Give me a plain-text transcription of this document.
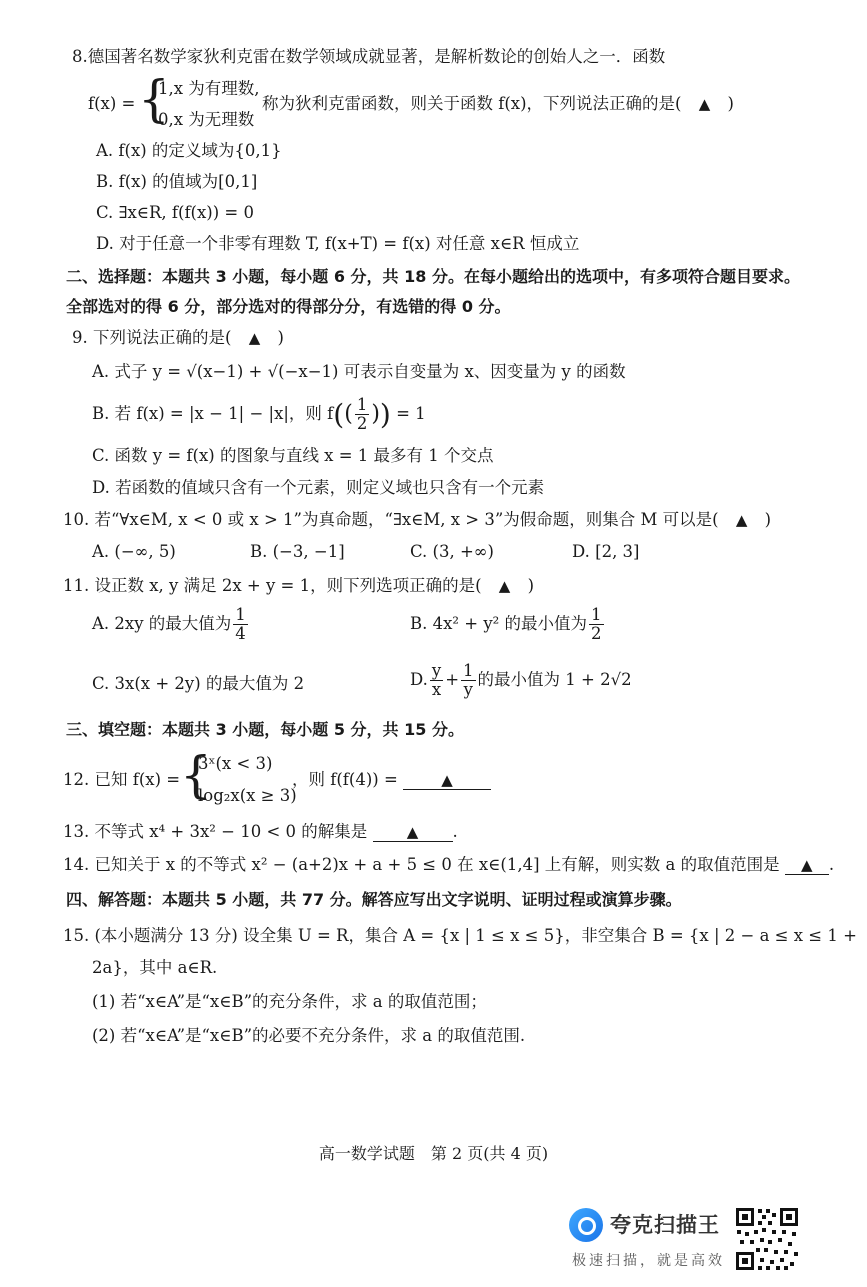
8.德国著名数学家狄利克雷在数学领域成就显著，是解析数论的创始人之一．函数
f(x) = {
1,x 为有理数,
0,x 为无理数
称为狄利克雷函数，则关于函数 f(x)，下列说法正确的是( ▲ )
A. f(x) 的定义域为{0,1}
B. f(x) 的值域为[0,1]
C. ∃x∈R, f(f(x)) = 0
D. 对于任意一个非零有理数 T, f(x+T) = f(x) 对任意 x∈R 恒成立
二、选择题：本题共 3 小题，每小题 6 分，共 18 分。在每小题给出的选项中，有多项符合题目要求。
全部选对的得 6 分，部分选对的得部分分，有选错的得 0 分。
9. 下列说法正确的是( ▲ )
A. 式子 y = √(x−1) + √(−x−1) 可表示自变量为 x、因变量为 y 的函数
B. 若 f(x) = |x − 1| − |x|，则 $f(( \frac{1}{2}$ )) = 1
C. 函数 y = f(x) 的图象与直线 x = 1 最多有 1 个交点
D. 若函数的值域只含有一个元素，则定义域也只含有一个元素
10. 若“∀x∈M, x < 0 或 x > 1”为真命题，“∃x∈M, x > 3”为假命题，则集合 M 可以是( ▲ )
A. (−∞, 5)	B. (−3, −1]	C. (3, +∞)	D. [2, 3]
11. 设正数 x, y 满足 2x + y = 1，则下列选项正确的是( ▲ )
A. 2xy 的最大值为 $\frac{1}{4}$	B. 4x² + y² 的最小值为 $\frac{1}{2}$
C. 3x(x + 2y) 的最大值为 2	D. $\frac{y}{x} + \frac{1}{y}$ 的最小值为 1 + 2√2
三、填空题：本题共 3 小题，每小题 5 分，共 15 分。
12. 已知 f(x) = {
3ˣ(x < 3)
log₂x(x ≥ 3)
，则 f(f(4)) =	▲
13. 不等式 x⁴ + 3x² − 10 < 0 的解集是	▲ .
14. 已知关于 x 的不等式 x² − (a+2)x + a + 5 ≤ 0 在 x∈(1,4] 上有解，则实数 a 的取值范围是 ▲ .
四、解答题：本题共 5 小题，共 77 分。解答应写出文字说明、证明过程或演算步骤。
15. (本小题满分 13 分) 设全集 U = R，集合 A = {x | 1 ≤ x ≤ 5}，非空集合 B = {x | 2 − a ≤ x ≤ 1 +
2a}，其中 a∈R.
(1) 若“x∈A”是“x∈B”的充分条件，求 a 的取值范围；
(2) 若“x∈A”是“x∈B”的必要不充分条件，求 a 的取值范围.
高一数学试题　第 2 页(共 4 页)
夸克扫描王
极速扫描，就是高效
